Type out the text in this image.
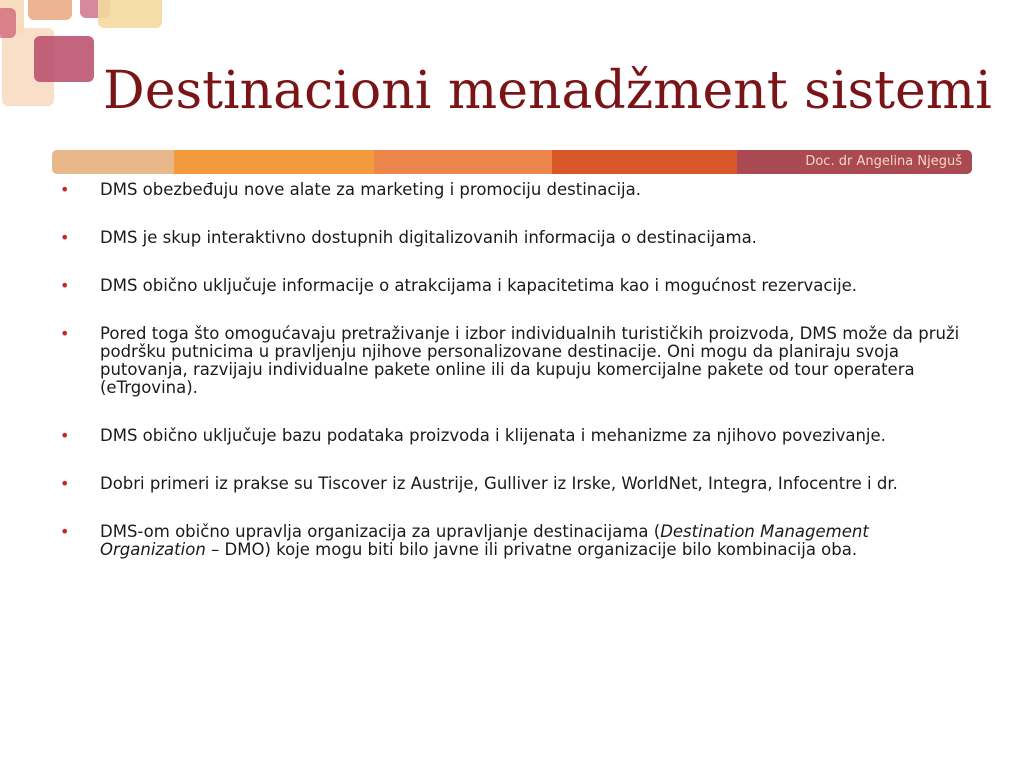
Destinacioni menadžment sistemi
Doc. dr Angelina Njeguš
• DMS obezbeđuju nove alate za marketing i promociju destinacija.
• DMS je skup interaktivno dostupnih digitalizovanih informacija o destinacijama.
• DMS obično uključuje informacije o atrakcijama i kapacitetima kao i mogućnost rezervacije.
• Pored toga što omogućavaju pretraživanje i izbor individualnih turističkih proizvoda, DMS može da pruži podršku putnicima u pravljenju njihove personalizovane destinacije. Oni mogu da planiraju svoja putovanja, razvijaju individualne pakete online ili da kupuju komercijalne pakete od tour operatera (eTrgovina).
• DMS obično uključuje bazu podataka proizvoda i klijenata i mehanizme za njihovo povezivanje.
• Dobri primeri iz prakse su Tiscover iz Austrije, Gulliver iz Irske, WorldNet, Integra, Infocentre i dr.
• DMS-om obično upravlja organizacija za upravljanje destinacijama (Destination Management Organization – DMO) koje mogu biti bilo javne ili privatne organizacije bilo kombinacija oba.
